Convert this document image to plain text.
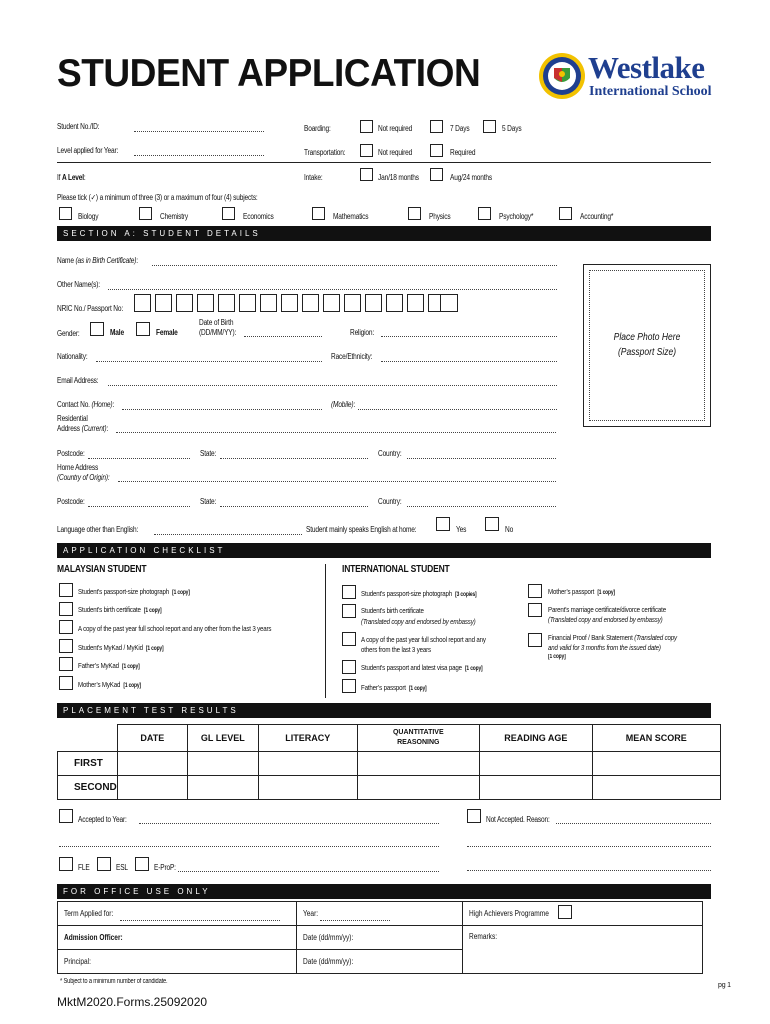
STUDENT APPLICATION	Westlake
International School
Student No./ID:
Level applied for Year:
If A Level:
Boarding:	Not required	7 Days	5 Days
Transportation:	Not required	Required
Intake:	Jan/18 months	Aug/24 months
Please tick (✓) a minimum of three (3) or a maximum of four (4) subjects:
Biology	Chemistry	Economics	Mathematics	Physics	Psychology*	Accounting*
SECTION A: STUDENT DETAILS
Name (as in Birth Certificate):
Other Name(s):
NRIC No./ Passport No:
Gender:	Male	Female
Date of Birth
(DD/MM/YY):	Religion:
Nationality:	Race/Ethnicity:
Email Address:
Place Photo Here
(Passport Size)
Contact No. (Home):	(Mobile):
Residential
Address (Current):
Postcode:	State:	Country:
Home Address
(Country of Origin):
Postcode:	State:	Country:
Language other than English:	Student mainly speaks English at home:	Yes	No
APPLICATION CHECKLIST
MALAYSIAN STUDENT	INTERNATIONAL STUDENT
Student’s passport-size photograph [1 copy]
Student’s birth certificate [1 copy]
A copy of the past year full school report and any other from the last 3 years
Student’s MyKad / MyKid [1 copy]
Father’s MyKad [1 copy]
Mother’s MyKad [1 copy]
Student’s passport-size photograph [3 copies]
Student’s birth certificate
(Translated copy and endorsed by embassy)
A copy of the past year full school report and any
others from the last 3 years
Student’s passport and latest visa page [1 copy]
Father’s passport [1 copy]
Mother’s passport [1 copy]
Parent’s marriage certificate/divorce certificate
(Translated copy and endorsed by embassy)
Financial Proof / Bank Statement (Translated copy
and valid for 3 months from the issued date)
[1 copy]
PLACEMENT TEST RESULTS
	DATE	GL LEVEL	LITERACY	QUANTITATIVE
REASONING	READING AGE	MEAN SCORE
FIRST						
SECOND						
Accepted to Year:	Not Accepted. Reason:
FLE	ESL	E-ProP:
FOR OFFICE USE ONLY
Term Applied for:	Year:	High Achievers Programme
Admission Officer:	Date (dd/mm/yy):	Remarks:
Principal:	Date (dd/mm/yy):	
* Subject to a minimum number of candidate.
pg 1
MktM2020.Forms.25092020
